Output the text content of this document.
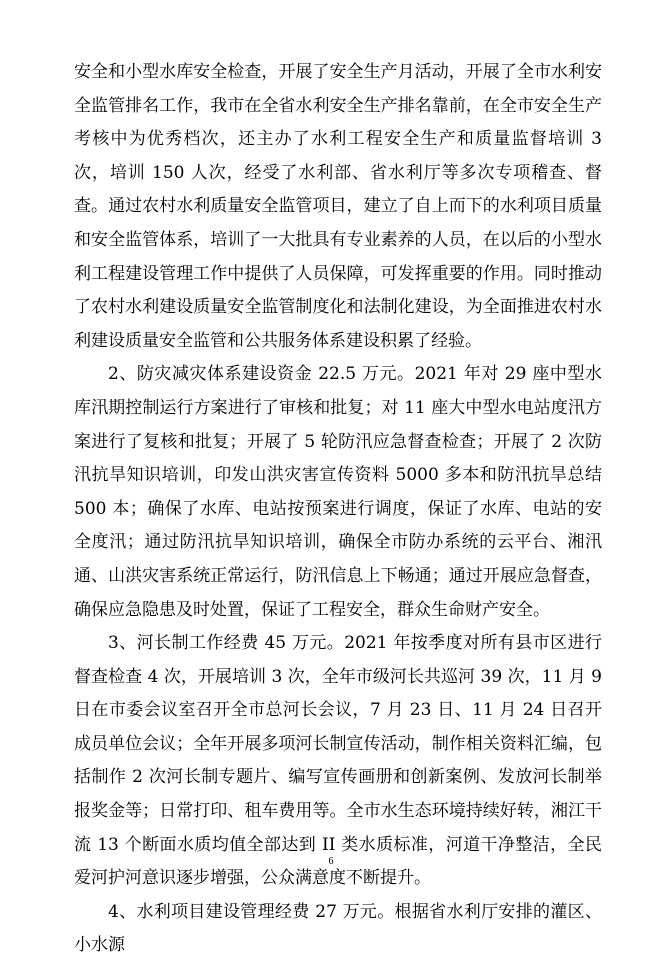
安全和小型水库安全检查，开展了安全生产月活动，开展了全市水利安全监管排名工作，我市在全省水利安全生产排名靠前，在全市安全生产考核中为优秀档次，还主办了水利工程安全生产和质量监督培训 3 次，培训 150 人次，经受了水利部、省水利厅等多次专项稽查、督查。通过农村水利质量安全监管项目，建立了自上而下的水利项目质量和安全监管体系，培训了一大批具有专业素养的人员，在以后的小型水利工程建设管理工作中提供了人员保障，可发挥重要的作用。同时推动了农村水利建设质量安全监管制度化和法制化建设，为全面推进农村水利建设质量安全监管和公共服务体系建设积累了经验。

2、防灾减灾体系建设资金 22.5 万元。2021 年对 29 座中型水库汛期控制运行方案进行了审核和批复；对 11 座大中型水电站度汛方案进行了复核和批复；开展了 5 轮防汛应急督查检查；开展了 2 次防汛抗旱知识培训，印发山洪灾害宣传资料 5000 多本和防汛抗旱总结 500 本；确保了水库、电站按预案进行调度，保证了水库、电站的安全度汛；通过防汛抗旱知识培训，确保全市防办系统的云平台、湘汛通、山洪灾害系统正常运行，防汛信息上下畅通；通过开展应急督查，确保应急隐患及时处置，保证了工程安全，群众生命财产安全。

3、河长制工作经费 45 万元。2021 年按季度对所有县市区进行督查检查 4 次，开展培训 3 次，全年市级河长共巡河 39 次，11 月 9 日在市委会议室召开全市总河长会议，7 月 23 日、11 月 24 日召开成员单位会议；全年开展多项河长制宣传活动，制作相关资料汇编，包括制作 2 次河长制专题片、编写宣传画册和创新案例、发放河长制举报奖金等；日常打印、租车费用等。全市水生态环境持续好转，湘江干流 13 个断面水质均值全部达到 II 类水质标准，河道干净整洁，全民爱河护河意识逐步增强，公众满意度不断提升。

4、水利项目建设管理经费 27 万元。根据省水利厅安排的灌区、小水源

6
